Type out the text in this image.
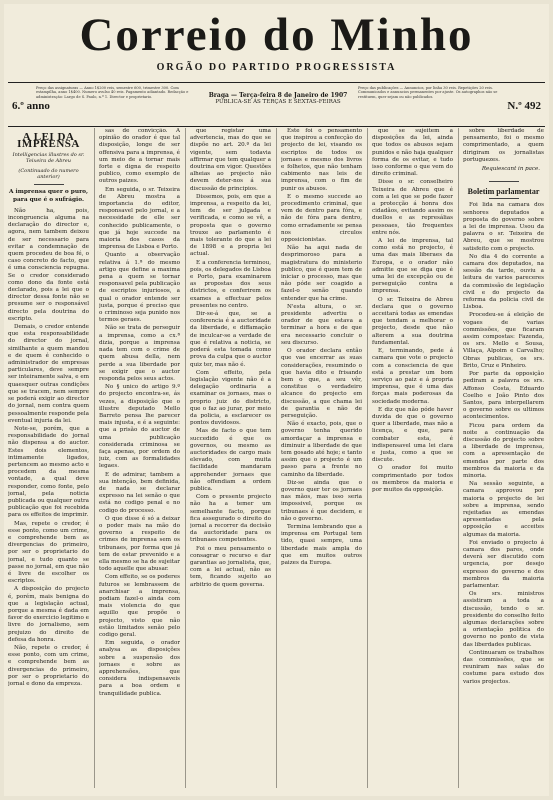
Correio do Minho
ORGÃO DO PARTIDO PROGRESSISTA
Preço das assignaturas — Anno 1$200 reis, semestre 600, trimestre 300. Com estampilha, anno 1$400. Numero avulso 40 reis. Pagamento adiantado. Redacção e administração: Largo de S. Paulo, n.º 1. Director e proprietario.
6.º anno
Braga — Terça-feira 8 de Janeiro de 1907
PUBLICA-SE ÁS TERÇAS E SEXTAS-FEIRAS
Preço das publicações — Annuncios, por linha 30 reis. Repetições 20 reis. Communicados e annuncios permanentes por ajuste. Os autographos não se restituem, quer sejam ou não publicados.
N.º 492
A LEI DA IMPRENSA
Intelligencias illustres do sr. Teixeira de Abreu
(Continuado do numero anterior)
A imprensa quer o puro, para que é o sufrágio.

Não ha, pois, incongruencia alguma na declaração do director e, agora, nem tambem deixou de ser necessario para evitar a condemnação de quem procedeu de boa fé, o caso concreto do facto, que é uma consciencia repugna. Se o credor considerado como dono da fonte está declarado, pois a lei que o director dessa fonte não se presume ser o responsável directo pela doutrina do escripto.

Demais, o credor entende que esta responsabilidade do director do jornal, similhante a quem mandou e de quem é conhecido o administrador de empresas particulares, deve sempre ser inteiramente salva, e em quaesquer outras condições que se tracem, nem sempre se poderá exigir ao director do jornal, nem contra quem pessoalmente responde pela eventual injuria da lei.

Note-se, porém, que a responsabilidade do jornal não dispensa a do auctor. Estes dois elementos, intimamente ligados, pertencem ao mesmo acto e procedem da mesma vontade, a qual deve responder, como fonte, pelo jornal, pela noticia publicada ou qualquer outra publicação que foi recebida para os effeitos de imprimir.

Mas, repete o credor, é esse ponto, como um crime, e comprehende bem as divergencias do primeiro, por ser o proprietario do jornal, e tudo quanto se passe no jornal, em que não é livre de escolher os escriptos.

A disposição do projecto é, porém, mais benigna do que a legislação actual, porque a mesma é dada em favor do exercicio legitimo e livre do jornalismo, sem prejuizo do direito de defesa da honra.

Não, repete o credor, é esse ponto, com um crime, e comprehende bem as divergencias do primeiro, por ser o proprietario do jornal e dono da empreza.

sas de convicção. A opinião do orador é que tal disposição, longe de ser offensiva para a imprensa, é um meio de a tornar mais forte e digna de respeito publico, como exemplo de outros paizes.

Em seguida, o sr. Teixeira de Abreu mostra a importancia do editor, responsavel pelo jornal, e a necessidade de elle ser conhecido publicamente, o que já hoje succede na maioria dos casos da imprensa de Lisboa e Porto.

Quanto a observação relativa á 1.ª do mesmo artigo que define a maxima pena a quem se tornar responsavel pela publicação de escriptos injuriosos, a qual o orador entende ser justa, porque é preciso que o criminoso seja punido nos termos geraes.

Não se trata de perseguir a imprensa, como a cx.ª dizia, porque a imprensa nada tem com o crime de quem abusa della, nem perde a sua liberdade por se exigir que o auctor responda pelos seus actos.

No § unico do artigo 9.º do projecto encontra-se, ás vezes, a disposição que o illustre deputado Mello Barreto pensa lhe parecer mais injusta, e é a seguinte: que a prisão do auctor de uma publicação considerada criminosa se faça apenas, por ordem do juiz, com as formalidades legaes.

E de admirar, tambem a sua intenção, bem definida, de nada se declarar expresso na lei senão o que está no codigo penal e no codigo do processo.

O que disse é só a deixar o poder mais na mão do governo a respeito de crimes de imprensa sem os tribunaes, por forma que já tem de estar prevenido e a ella mesmo se ha de sujeitar todo aquelle que abusar.

Com effeito, se os poderes futuros se lembrassem de anarchisar a imprensa, podiam fazel-o ainda com mais violencia do que aquillo que propõe o projecto, visto que não estão limitados senão pelo codigo geral.

Em seguida, o orador analysa as disposições sobre a suspensão dos jornaes e sobre as apprehensões, que considera indispensaveis para a boa ordem e tranquilidade publica.

que registar uma advertencia, mas do que se dispõe no art. 20.º da lei vigente, sem todavia affirmar que tem qualquer a doutrina em vigor. Questões alheias ao projecto não devem deter-nos á sua discussão de principios.

Dissemos, pois, em que a imprensa, a respeito da lei, tem de ser julgada e verificada, e como se vê, a proposta que o governo trouxe ao parlamento é mais tolerante do que a lei de 1898 e a propria lei actual.

E a conferencia terminou, pois, os delegados de Lisboa e Porto, para examinarem as propostas dos seus districtos, e conferirem os exames a effectuar pelos presentes no centro.

Dir-se-á que, se a conferencia é a auctoridade da liberdade, e diffamação de inculcar-se a verdade de que é relativa a noticia, se poderá esta tomada como prova da culpa que o auctor quiz ter, mas não é.

Com effeito, pela legislação vigente não é a delegação ordinaria a examinar os jornaes, mas o proprio juiz do districto, que o faz ao jurar, por meio da policia, a esclarecer os pontos duvidosos.

Mas de facto o que tem succedido é que os governos, ou mesmo as auctoridades de cargo mais elevado, com muita facilidade mandaram apprehender jornaes que não offendiam a ordem publica.

Com o presente projecto não ha a temer um semelhante facto, porque fica assegurado o direito do jornal a recorrer da decisão da auctoridade para os tribunaes competentes.

Foi o meu pensamento o consagrar o recurso e dar garantias ao jornalista, que, com a lei actual, não as tem, ficando sujeito ao arbitrio de quem governa.

Este foi o pensamento que inspirou a confecção do projecto de lei, visando os escriptos de todos os jornaes e mesmo dos livros e folhetos, que não tenham cabimento nas leis de imprensa, com o fim de punir os abusos.

E o mesmo succede ao procedimento criminal, que vem de dentro para fóra, e não de fóra para dentro, como erradamente se pensa nos circulos opposicionistas.

Não ha aqui nada de desprimoroso para a magistratura do ministerio publico, que é quem tem de iniciar o processo, mas que não póde ser coagido a fazel-o senão quando entender que ha crime.

N'esta altura, o sr. presidente advertiu o orador de que estava a terminar a hora e de que era necessario concluir o seu discurso.

O orador declara então que vae encerrar as suas considerações, resumindo o que havia dito e frisando bem o que, a seu vêr, constitue o verdadeiro alcance do projecto em discussão, a que chama lei de garantia e não de perseguição.

Não é exacto, pois, que o governo tenha querido amordaçar a imprensa e diminuir a liberdade de que tem gosado até hoje; e tanto assim que o projecto é um passo para a frente no caminho da liberdade.

Diz-se ainda que o governo quer ter os jornaes nas mãos, mas isso seria impossivel, porque os tribunaes é que decidem, e não o governo.

Termina lembrando que a imprensa em Portugal tem tido, quasi sempre, uma liberdade mais ampla do que em muitos outros paizes da Europa.

que se sujeitem a disposições da lei, ainda que todos os abusos sejam punidos e não haja qualquer forma de os evitar, e tudo isso conforme o que vem do direito criminal.

Disse o sr. conselheiro Teixeira de Abreu que é com a lei que se pode fazer a protecção á honra dos cidadãos, evitando assim os duellos e as represálias pessoaes, tão frequentes entre nós.

A lei de imprensa, tal como está no projecto, é uma das mais liberaes da Europa, e o orador não admitte que se diga que é uma lei de excepção ou de perseguição contra a imprensa.

O sr. Teixeira de Abreu declara que o governo acceitará todas as emendas que tendam a melhorar o projecto, desde que não alterem a sua doutrina fundamental.

E, terminando, pede á camara que vote o projecto com a consciencia de que está a prestar um bom serviço ao paiz e á propria imprensa, que é uma das forças mais poderosas da sociedade moderna.

E diz que não póde haver duvida de que o governo quer a liberdade, mas não a licença, e que, para combater esta, é indispensavel uma lei clara e justa, como a que se discute.

O orador foi muito comprimentado por todos os membros da maioria e por muitos da opposição.

sobre liberdade de pensamento, foi o mesmo comprimentado, a quem dirigiram os jornalistas portuguezes.

Requiescant in pace.
Boletim parlamentar

Foi lida na camara dos senhores deputados a proposta do governo sobre a lei de imprensa. Usou da palavra o sr. Teixeira de Abreu, que se mostrou satisfeito com o projecto.

No dia 4 do corrente a camara dos deputados, na sessão da tarde, ouviu a leitura de varios pareceres da commissão de legislação civil e do projecto da reforma da policia civil de Lisboa.

Procedeu-se á eleição de vogaes de varias commissões, que ficaram assim compostas: Fazenda, os srs. Mello e Sousa, Villaça, Alpoim e Carvalho; Obras publicas, os srs. Brito, Cruz e Pinheiro.

Por parte da opposição pediram a palavra os srs. Affonso Costa, Eduardo Coelho e João Pinto dos Santos, para interpellarem o governo sobre os ultimos acontecimentos.

Ficou para ordem da noite a continuação da discussão do projecto sobre a liberdade de imprensa, com a apresentação de emendas por parte dos membros da maioria e da minoria.

Na sessão seguinte, a camara approvou por maioria o projecto de lei sobre a imprensa, sendo rejeitadas as emendas apresentadas pela opposição e acceites algumas da maioria.

Foi enviado o projecto á camara dos pares, onde deverá ser discutido com urgencia, por desejo expresso do governo e dos membros da maioria parlamentar.

Os srs. ministros assistiram a toda a discussão, tendo o sr. presidente do conselho feito algumas declarações sobre a orientação politica do governo no ponto de vista das liberdades publicas.

Continuaram os trabalhos das commissões, que se reuniram nas salas do costume para estudo dos varios projectos.
